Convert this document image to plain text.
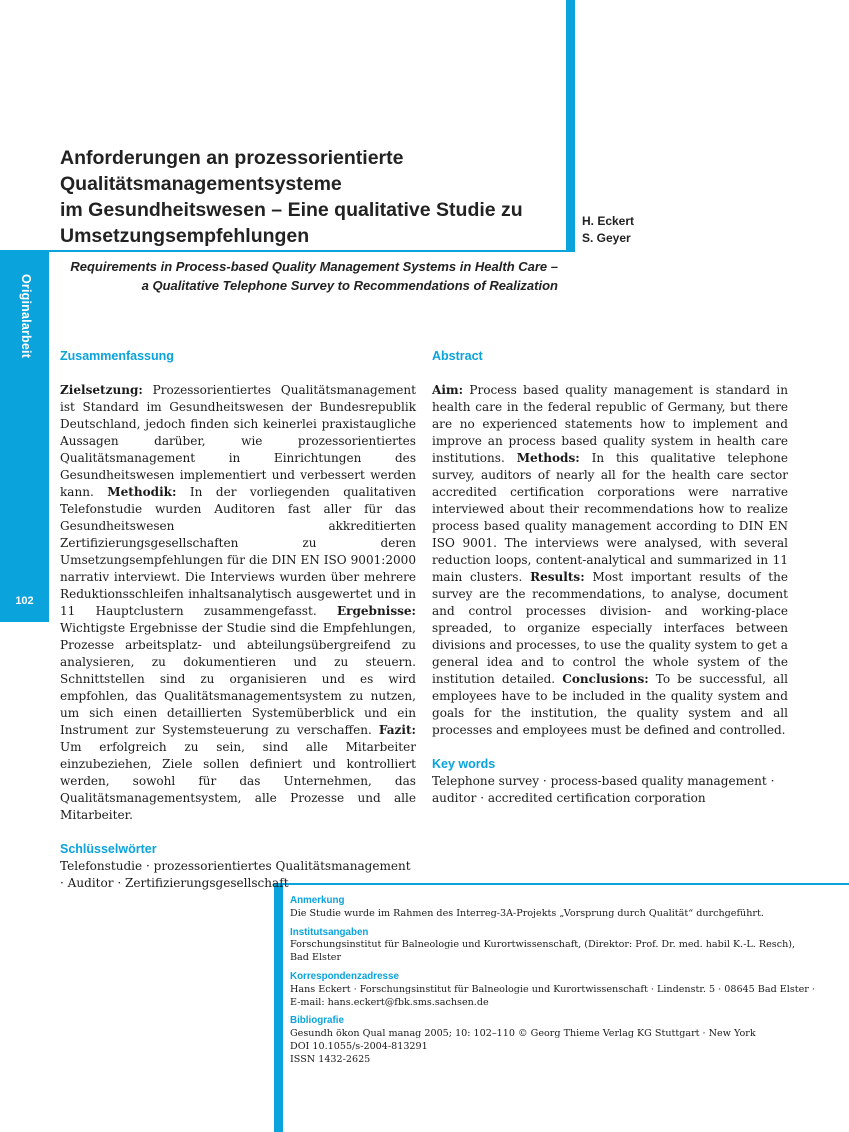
Anforderungen an prozessorientierte
Qualitätsmanagementsysteme
im Gesundheitswesen – Eine qualitative Studie zu
Umsetzungsempfehlungen
H. Eckert
S. Geyer
Requirements in Process-based Quality Management Systems in Health Care –
a Qualitative Telephone Survey to Recommendations of Realization
Originalarbeit
102
Zusammenfassung

Zielsetzung: Prozessorientiertes Qualitätsmanagement ist Standard im Gesundheitswesen der Bundesrepublik Deutschland, jedoch finden sich keinerlei praxistaugliche Aussagen darüber, wie prozessorientiertes Qualitätsmanagement in Einrichtungen des Gesundheitswesen implementiert und verbessert werden kann. Methodik: In der vorliegenden qualitativen Telefonstudie wurden Auditoren fast aller für das Gesundheitswesen akkreditierten Zertifizierungsgesellschaften zu deren Umsetzungsempfehlungen für die DIN EN ISO 9001:2000 narrativ interviewt. Die Interviews wurden über mehrere Reduktionsschleifen inhaltsanalytisch ausgewertet und in 11 Hauptclustern zusammengefasst. Ergebnisse: Wichtigste Ergebnisse der Studie sind die Empfehlungen, Prozesse arbeitsplatz- und abteilungsübergreifend zu analysieren, zu dokumentieren und zu steuern. Schnittstellen sind zu organisieren und es wird empfohlen, das Qualitätsmanagementsystem zu nutzen, um sich einen detaillierten Systemüberblick und ein Instrument zur Systemsteuerung zu verschaffen. Fazit: Um erfolgreich zu sein, sind alle Mitarbeiter einzubeziehen, Ziele sollen definiert und kontrolliert werden, sowohl für das Unternehmen, das Qualitätsmanagementsystem, alle Prozesse und alle Mitarbeiter.

Schlüsselwörter

Telefonstudie · prozessorientiertes Qualitätsmanagement · Auditor · Zertifizierungsgesellschaft

Abstract

Aim: Process based quality management is standard in health care in the federal republic of Germany, but there are no experienced statements how to implement and improve an process based quality system in health care institutions. Methods: In this qualitative telephone survey, auditors of nearly all for the health care sector accredited certification corporations were narrative interviewed about their recommendations how to realize process based quality management according to DIN EN ISO 9001. The interviews were analysed, with several reduction loops, content-analytical and summarized in 11 main clusters. Results: Most important results of the survey are the recommendations, to analyse, document and control processes division- and working-place spreaded, to organize especially interfaces between divisions and processes, to use the quality system to get a general idea and to control the whole system of the institution detailed. Conclusions: To be successful, all employees have to be included in the quality system and goals for the institution, the quality system and all processes and employees must be defined and controlled.

Key words

Telephone survey · process-based quality management · auditor · accredited certification corporation

Anmerkung
Die Studie wurde im Rahmen des Interreg-3A-Projekts „Vorsprung durch Qualität“ durchgeführt.
Institutsangaben
Forschungsinstitut für Balneologie und Kurortwissenschaft, (Direktor: Prof. Dr. med. habil K.-L. Resch),
Bad Elster
Korrespondenzadresse
Hans Eckert · Forschungsinstitut für Balneologie und Kurortwissenschaft · Lindenstr. 5 · 08645 Bad Elster ·
E-mail: hans.eckert@fbk.sms.sachsen.de
Bibliografie
Gesundh ökon Qual manag 2005; 10: 102–110 © Georg Thieme Verlag KG Stuttgart · New York
DOI 10.1055/s-2004-813291
ISSN 1432-2625
